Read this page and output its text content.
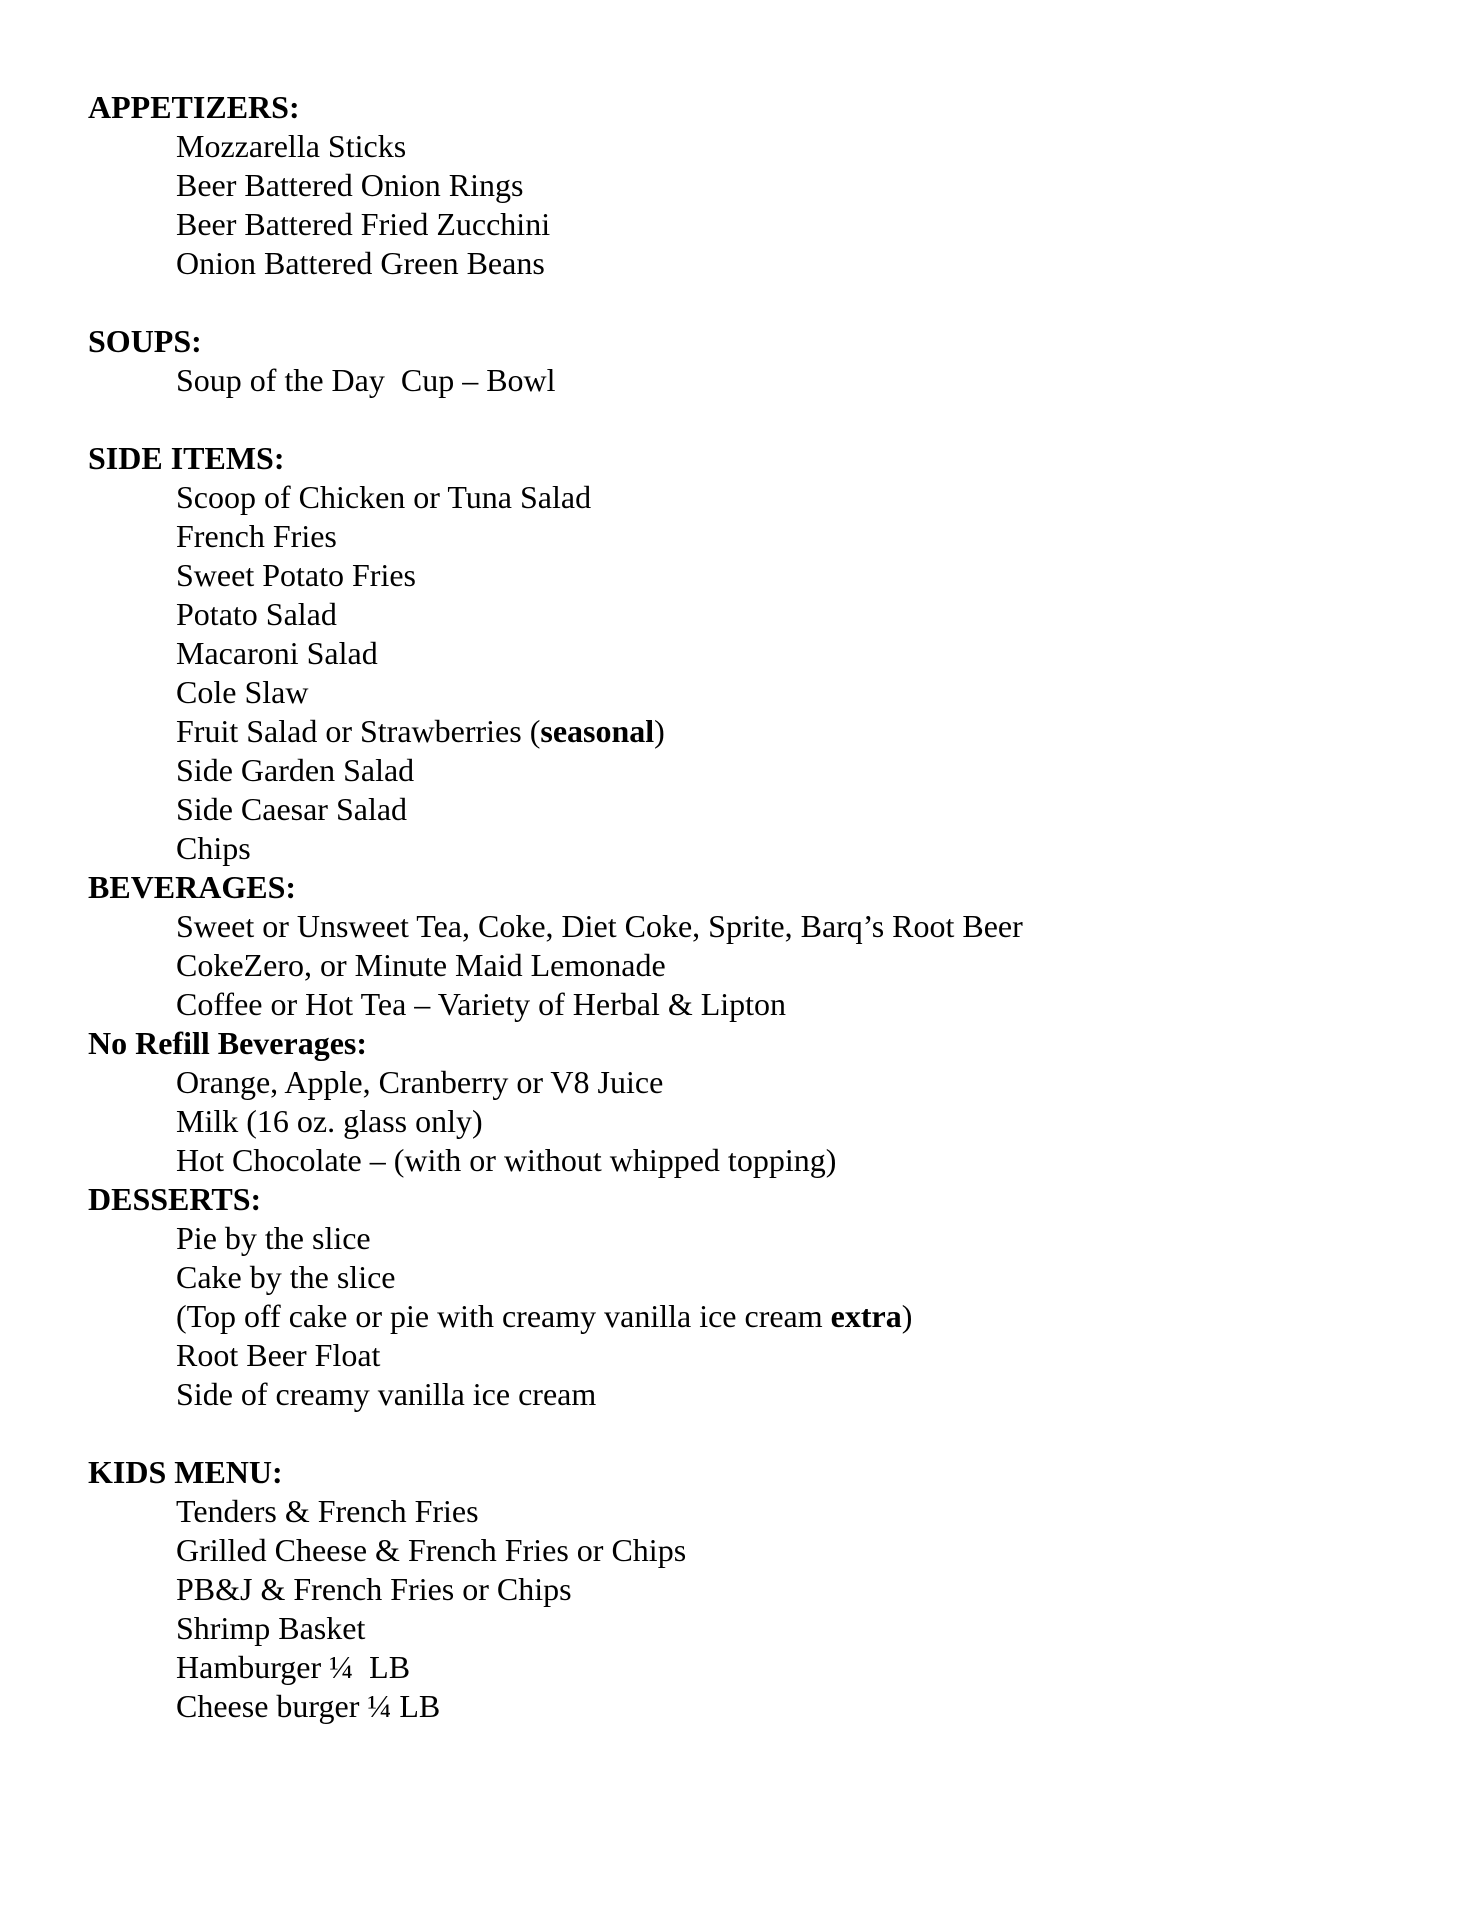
APPETIZERS:
Mozzarella Sticks
Beer Battered Onion Rings
Beer Battered Fried Zucchini
Onion Battered Green Beans
SOUPS:
Soup of the Day  Cup – Bowl
SIDE ITEMS:
Scoop of Chicken or Tuna Salad
French Fries
Sweet Potato Fries
Potato Salad
Macaroni Salad
Cole Slaw
Fruit Salad or Strawberries (seasonal)
Side Garden Salad
Side Caesar Salad
Chips
BEVERAGES:
Sweet or Unsweet Tea, Coke, Diet Coke, Sprite, Barq’s Root Beer
CokeZero, or Minute Maid Lemonade
Coffee or Hot Tea – Variety of Herbal & Lipton
No Refill Beverages:
Orange, Apple, Cranberry or V8 Juice
Milk (16 oz. glass only)
Hot Chocolate – (with or without whipped topping)
DESSERTS:
Pie by the slice
Cake by the slice
(Top off cake or pie with creamy vanilla ice cream extra)
Root Beer Float
Side of creamy vanilla ice cream
KIDS MENU:
Tenders & French Fries
Grilled Cheese & French Fries or Chips
PB&J & French Fries or Chips
Shrimp Basket
Hamburger ¼  LB
Cheese burger ¼ LB
